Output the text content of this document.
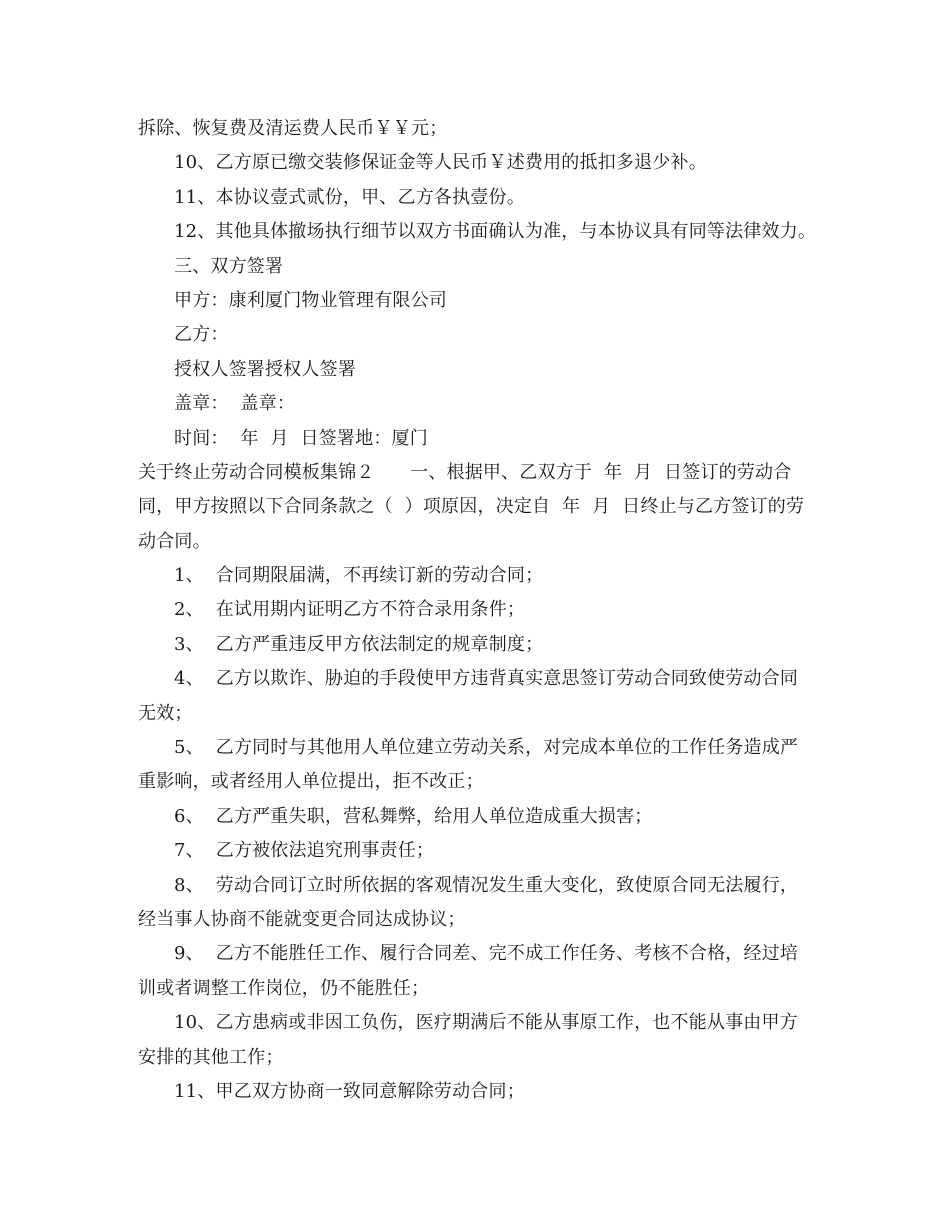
拆除、恢复费及清运费人民币￥￥元；
10、乙方原已缴交装修保证金等人民币￥述费用的抵扣多退少补。
11、本协议壹式贰份，甲、乙方各执壹份。
12、其他具体撤场执行细节以双方书面确认为准，与本协议具有同等法律效力。
三、双方签署
甲方：康利厦门物业管理有限公司
乙方：
授权人签署授权人签署
盖章：  盖章：
时间：  年  月  日签署地：厦门
关于终止劳动合同模板集锦２      一、根据甲、乙双方于  年  月  日签订的劳动合
同，甲方按照以下合同条款之（  ）项原因，决定自  年  月  日终止与乙方签订的劳
动合同。
1、  合同期限届满，不再续订新的劳动合同；
2、  在试用期内证明乙方不符合录用条件；
3、  乙方严重违反甲方依法制定的规章制度；
4、  乙方以欺诈、胁迫的手段使甲方违背真实意思签订劳动合同致使劳动合同
无效；
5、  乙方同时与其他用人单位建立劳动关系，对完成本单位的工作任务造成严
重影响，或者经用人单位提出，拒不改正；
6、  乙方严重失职，营私舞弊，给用人单位造成重大损害；
7、  乙方被依法追究刑事责任；
8、  劳动合同订立时所依据的客观情况发生重大变化，致使原合同无法履行，
经当事人协商不能就变更合同达成协议；
9、  乙方不能胜任工作、履行合同差、完不成工作任务、考核不合格，经过培
训或者调整工作岗位，仍不能胜任；
10、乙方患病或非因工负伤，医疗期满后不能从事原工作，也不能从事由甲方
安排的其他工作；
11、甲乙双方协商一致同意解除劳动合同；
